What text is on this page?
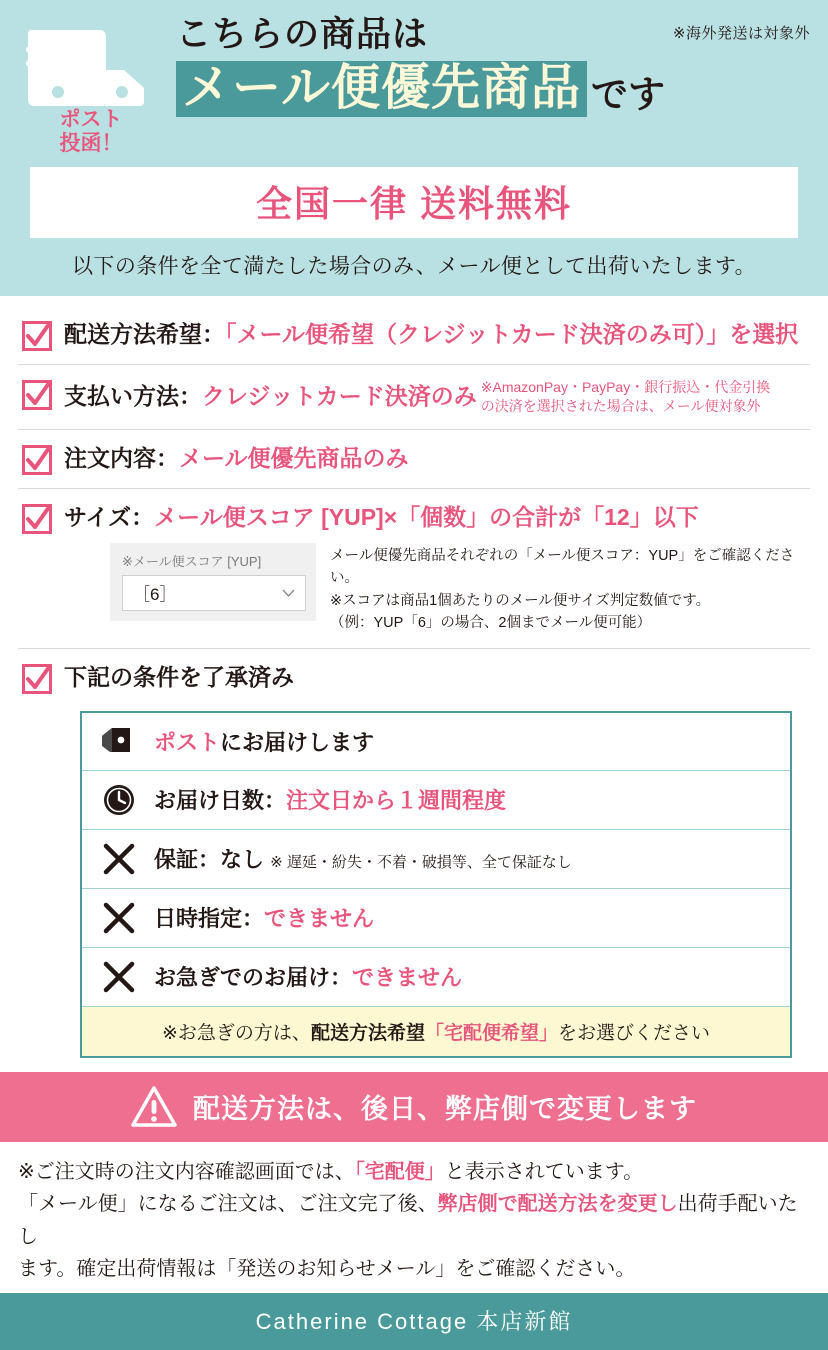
※海外発送は対象外
ポスト
投函！
こちらの商品は
メール便優先商品 です
全国一律 送料無料
以下の条件を全て満たした場合のみ、メール便として出荷いたします。
配送方法希望：「メール便希望（クレジットカード決済のみ可）」を選択
支払い方法：クレジットカード決済のみ ※AmazonPay・PayPay・銀行振込・代金引換
の決済を選択された場合は、メール便対象外
注文内容：メール便優先商品のみ
サイズ：メール便スコア [YUP]×「個数」の合計が「12」以下
※メール便スコア [YUP]
［6］
メール便優先商品それぞれの「メール便スコア：YUP」をご確認ください。
※スコアは商品1個あたりのメール便サイズ判定数値です。
（例：YUP「6」の場合、2個までメール便可能）
下記の条件を了承済み
ポストにお届けします
お届け日数：注文日から１週間程度
保証：なし ※ 遅延・紛失・不着・破損等、全て保証なし
日時指定：できません
お急ぎでのお届け：できません
※お急ぎの方は、配送方法希望「宅配便希望」をお選びください
配送方法は、後日、弊店側で変更します
※ご注文時の注文内容確認画面では、「宅配便」と表示されています。
「メール便」になるご注文は、ご注文完了後、弊店側で配送方法を変更し出荷手配いたし
ます。確定出荷情報は「発送のお知らせメール」をご確認ください。
Catherine Cottage 本店新館
